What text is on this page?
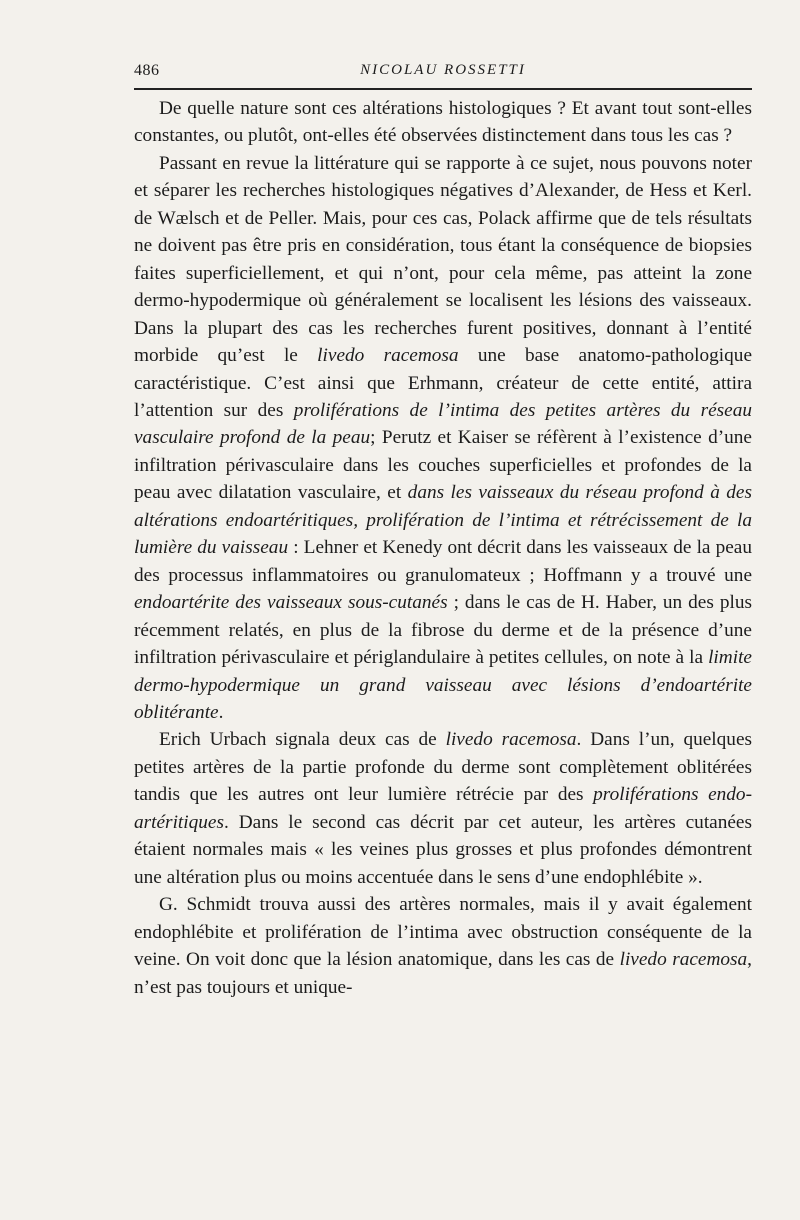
486	NICOLAU ROSSETTI

De quelle nature sont ces altérations histologiques ? Et avant tout sont-elles constantes, ou plutôt, ont-elles été observées distinctement dans tous les cas ?

Passant en revue la littérature qui se rapporte à ce sujet, nous pouvons noter et séparer les recherches histologiques négatives d’Alexander, de Hess et Kerl. de Wælsch et de Peller. Mais, pour ces cas, Polack affirme que de tels résultats ne doivent pas être pris en considération, tous étant la conséquence de biopsies faites superficiellement, et qui n’ont, pour cela même, pas atteint la zone dermo-hypodermique où généralement se localisent les lésions des vaisseaux. Dans la plupart des cas les recherches furent positives, donnant à l’entité morbide qu’est le livedo racemosa une base anatomo-pathologique caractéristique. C’est ainsi que Erhmann, créateur de cette entité, attira l’attention sur des proliférations de l’intima des petites artères du réseau vasculaire profond de la peau; Perutz et Kaiser se réfèrent à l’existence d’une infiltration périvasculaire dans les couches superficielles et profondes de la peau avec dilatation vasculaire, et dans les vaisseaux du réseau profond à des altérations endoartéritiques, prolifération de l’intima et rétrécissement de la lumière du vaisseau : Lehner et Kenedy ont décrit dans les vaisseaux de la peau des processus inflammatoires ou granulomateux ; Hoffmann y a trouvé une endoartérite des vaisseaux sous-cutanés ; dans le cas de H. Haber, un des plus récemment relatés, en plus de la fibrose du derme et de la présence d’une infiltration périvasculaire et périglandulaire à petites cellules, on note à la limite dermo-hypodermique un grand vaisseau avec lésions d’endoartérite oblitérante.

Erich Urbach signala deux cas de livedo racemosa. Dans l’un, quelques petites artères de la partie profonde du derme sont complètement oblitérées tandis que les autres ont leur lumière rétrécie par des proliférations endo-artéritiques. Dans le second cas décrit par cet auteur, les artères cutanées étaient normales mais « les veines plus grosses et plus profondes démontrent une altération plus ou moins accentuée dans le sens d’une endophlébite ».

G. Schmidt trouva aussi des artères normales, mais il y avait également endophlébite et prolifération de l’intima avec obstruction conséquente de la veine. On voit donc que la lésion anatomique, dans les cas de livedo racemosa, n’est pas toujours et unique-
